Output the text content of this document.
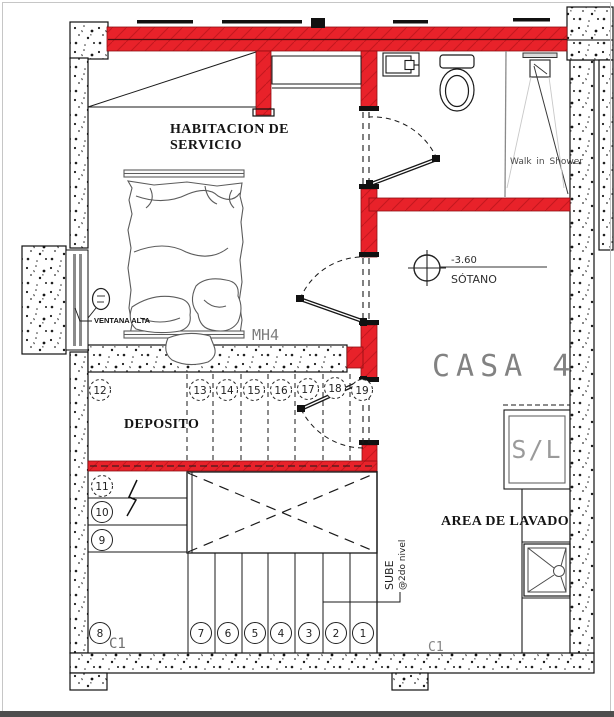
1
2
3
4
5
6
7
8
9
10
11
12	13 14 15 16 17 18 19
S/L
-3.60
SÓTANO
HABITACION DE
SERVICIO
DEPOSITO
AREA DE LAVADO
CASA 4
Walk in Shower
VENTANA ALTA
MH4
C1	C1
SUBE @2do nivel
